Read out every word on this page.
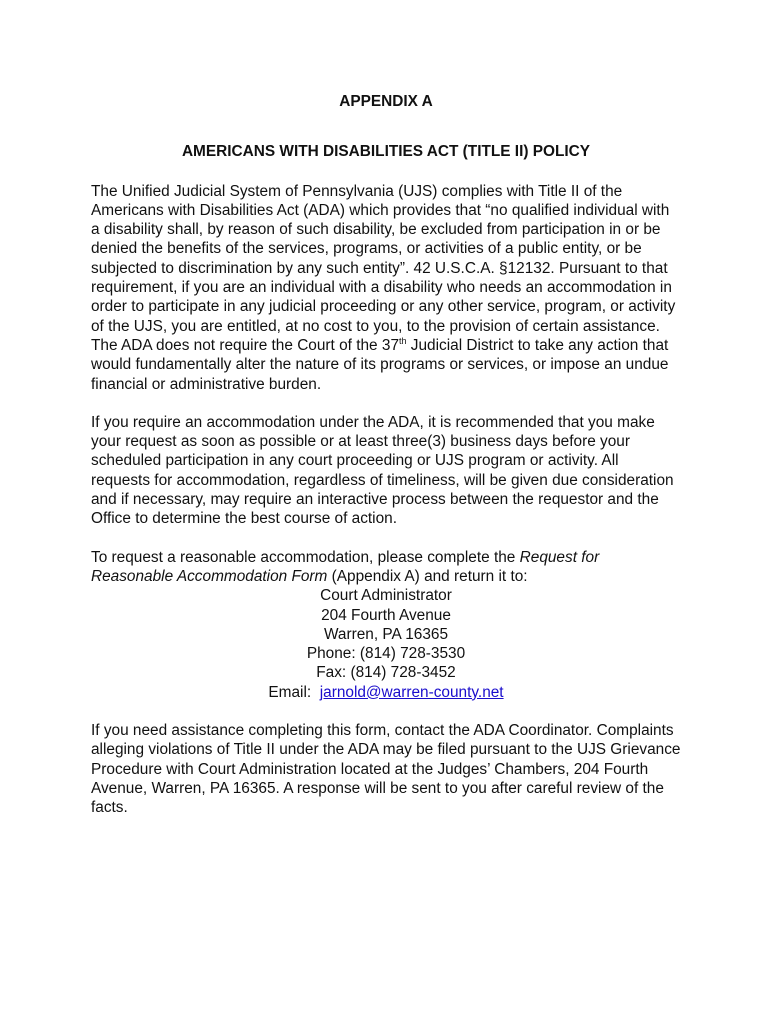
APPENDIX A
AMERICANS WITH DISABILITIES ACT (TITLE II) POLICY

The Unified Judicial System of Pennsylvania (UJS) complies with Title II of the Americans with Disabilities Act (ADA) which provides that “no qualified individual with a disability shall, by reason of such disability, be excluded from participation in or be denied the benefits of the services, programs, or activities of a public entity, or be subjected to discrimination by any such entity”. 42 U.S.C.A. §12132. Pursuant to that requirement, if you are an individual with a disability who needs an accommodation in order to participate in any judicial proceeding or any other service, program, or activity of the UJS, you are entitled, at no cost to you, to the provision of certain assistance. The ADA does not require the Court of the 37th Judicial District to take any action that would fundamentally alter the nature of its programs or services, or impose an undue financial or administrative burden.

If you require an accommodation under the ADA, it is recommended that you make your request as soon as possible or at least three(3) business days before your scheduled participation in any court proceeding or UJS program or activity. All requests for accommodation, regardless of timeliness, will be given due consideration and if necessary, may require an interactive process between the requestor and the Office to determine the best course of action.

To request a reasonable accommodation, please complete the Request for Reasonable Accommodation Form (Appendix A) and return it to:

Court Administrator
204 Fourth Avenue
Warren, PA 16365
Phone: (814) 728-3530
Fax: (814) 728-3452
Email:  jarnold@warren-county.net

If you need assistance completing this form, contact the ADA Coordinator. Complaints alleging violations of Title II under the ADA may be filed pursuant to the UJS Grievance Procedure with Court Administration located at the Judges’ Chambers, 204 Fourth Avenue, Warren, PA 16365. A response will be sent to you after careful review of the facts.
